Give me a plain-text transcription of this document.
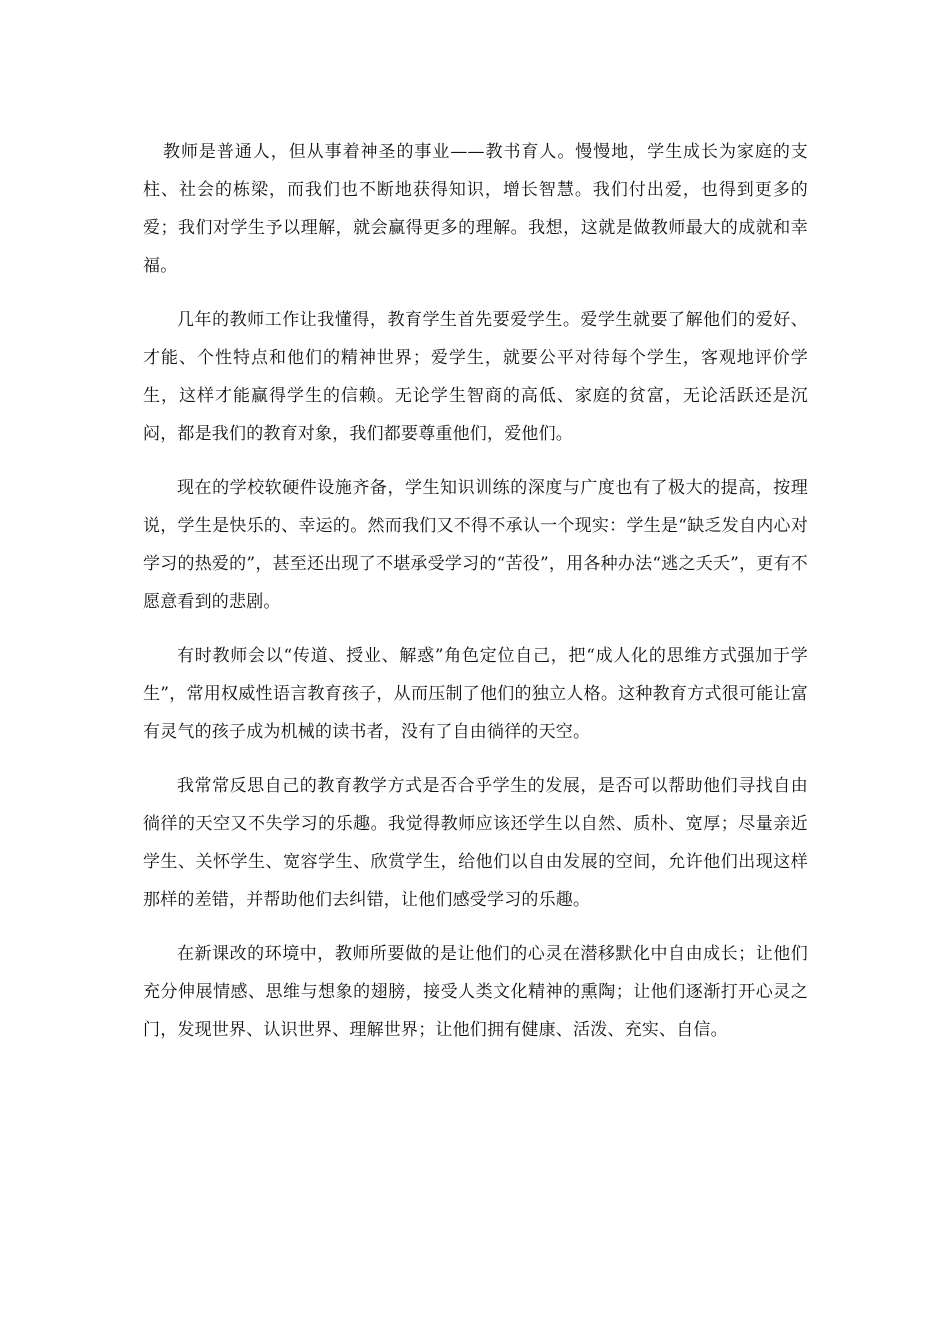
教师是普通人，但从事着神圣的事业——教书育人。慢慢地，学生成长为家庭的支柱、社会的栋梁，而我们也不断地获得知识，增长智慧。我们付出爱，也得到更多的爱；我们对学生予以理解，就会赢得更多的理解。我想，这就是做教师最大的成就和幸福。

几年的教师工作让我懂得，教育学生首先要爱学生。爱学生就要了解他们的爱好、才能、个性特点和他们的精神世界；爱学生，就要公平对待每个学生，客观地评价学生，这样才能赢得学生的信赖。无论学生智商的高低、家庭的贫富，无论活跃还是沉闷，都是我们的教育对象，我们都要尊重他们，爱他们。

现在的学校软硬件设施齐备，学生知识训练的深度与广度也有了极大的提高，按理说，学生是快乐的、幸运的。然而我们又不得不承认一个现实：学生是“缺乏发自内心对学习的热爱的”，甚至还出现了不堪承受学习的“苦役”，用各种办法“逃之夭夭”，更有不愿意看到的悲剧。

有时教师会以“传道、授业、解惑”角色定位自己，把“成人化的思维方式强加于学生”，常用权威性语言教育孩子，从而压制了他们的独立人格。这种教育方式很可能让富有灵气的孩子成为机械的读书者，没有了自由徜徉的天空。

我常常反思自己的教育教学方式是否合乎学生的发展，是否可以帮助他们寻找自由徜徉的天空又不失学习的乐趣。我觉得教师应该还学生以自然、质朴、宽厚；尽量亲近学生、关怀学生、宽容学生、欣赏学生，给他们以自由发展的空间，允许他们出现这样那样的差错，并帮助他们去纠错，让他们感受学习的乐趣。

在新课改的环境中，教师所要做的是让他们的心灵在潜移默化中自由成长；让他们充分伸展情感、思维与想象的翅膀，接受人类文化精神的熏陶；让他们逐渐打开心灵之门，发现世界、认识世界、理解世界；让他们拥有健康、活泼、充实、自信。
